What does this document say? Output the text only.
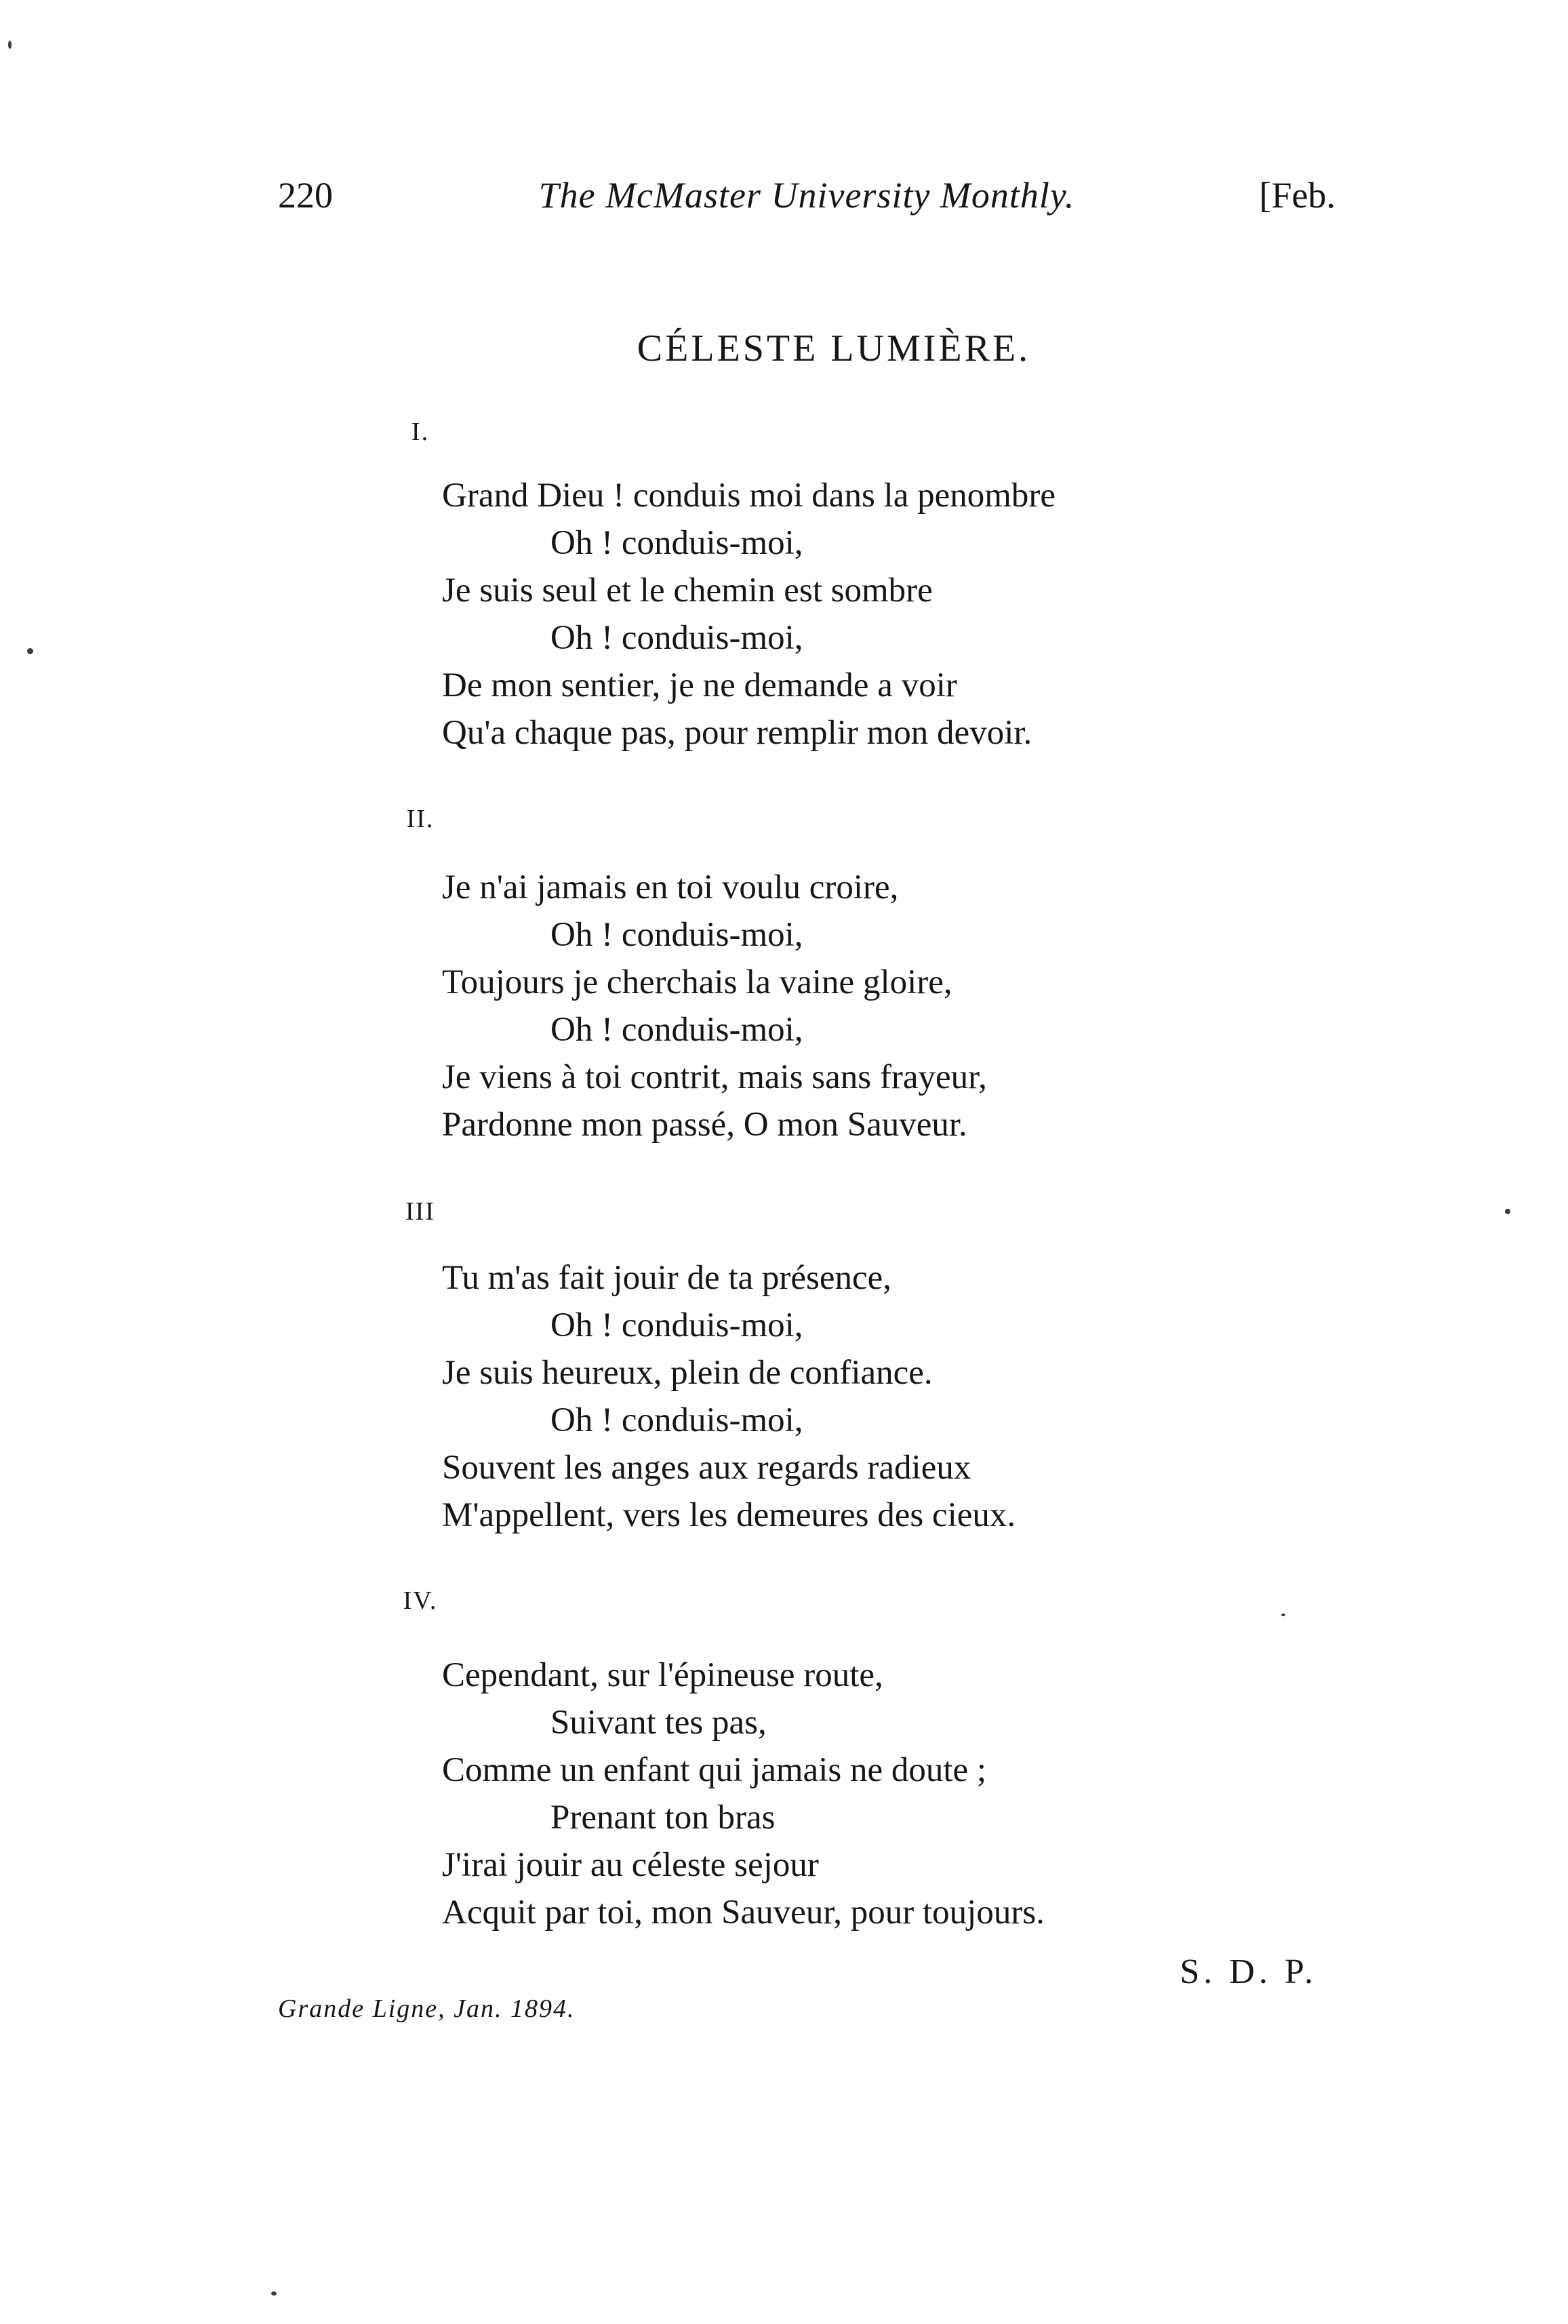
220	The McMaster University Monthly.	[Feb.
CÉLESTE LUMIÈRE.
I.
Grand Dieu ! conduis moi dans la penombre
Oh ! conduis-moi,
Je suis seul et le chemin est sombre
Oh ! conduis-moi,
De mon sentier, je ne demande a voir
Qu'a chaque pas, pour remplir mon devoir.
II.
Je n'ai jamais en toi voulu croire,
Oh ! conduis-moi,
Toujours je cherchais la vaine gloire,
Oh ! conduis-moi,
Je viens à toi contrit, mais sans frayeur,
Pardonne mon passé, O mon Sauveur.
III
Tu m'as fait jouir de ta présence,
Oh ! conduis-moi,
Je suis heureux, plein de confiance.
Oh ! conduis-moi,
Souvent les anges aux regards radieux
M'appellent, vers les demeures des cieux.
IV.
Cependant, sur l'épineuse route,
Suivant tes pas,
Comme un enfant qui jamais ne doute ;
Prenant ton bras
J'irai jouir au céleste sejour
Acquit par toi, mon Sauveur, pour toujours.
S. D. P.
Grande Ligne, Jan. 1894.
